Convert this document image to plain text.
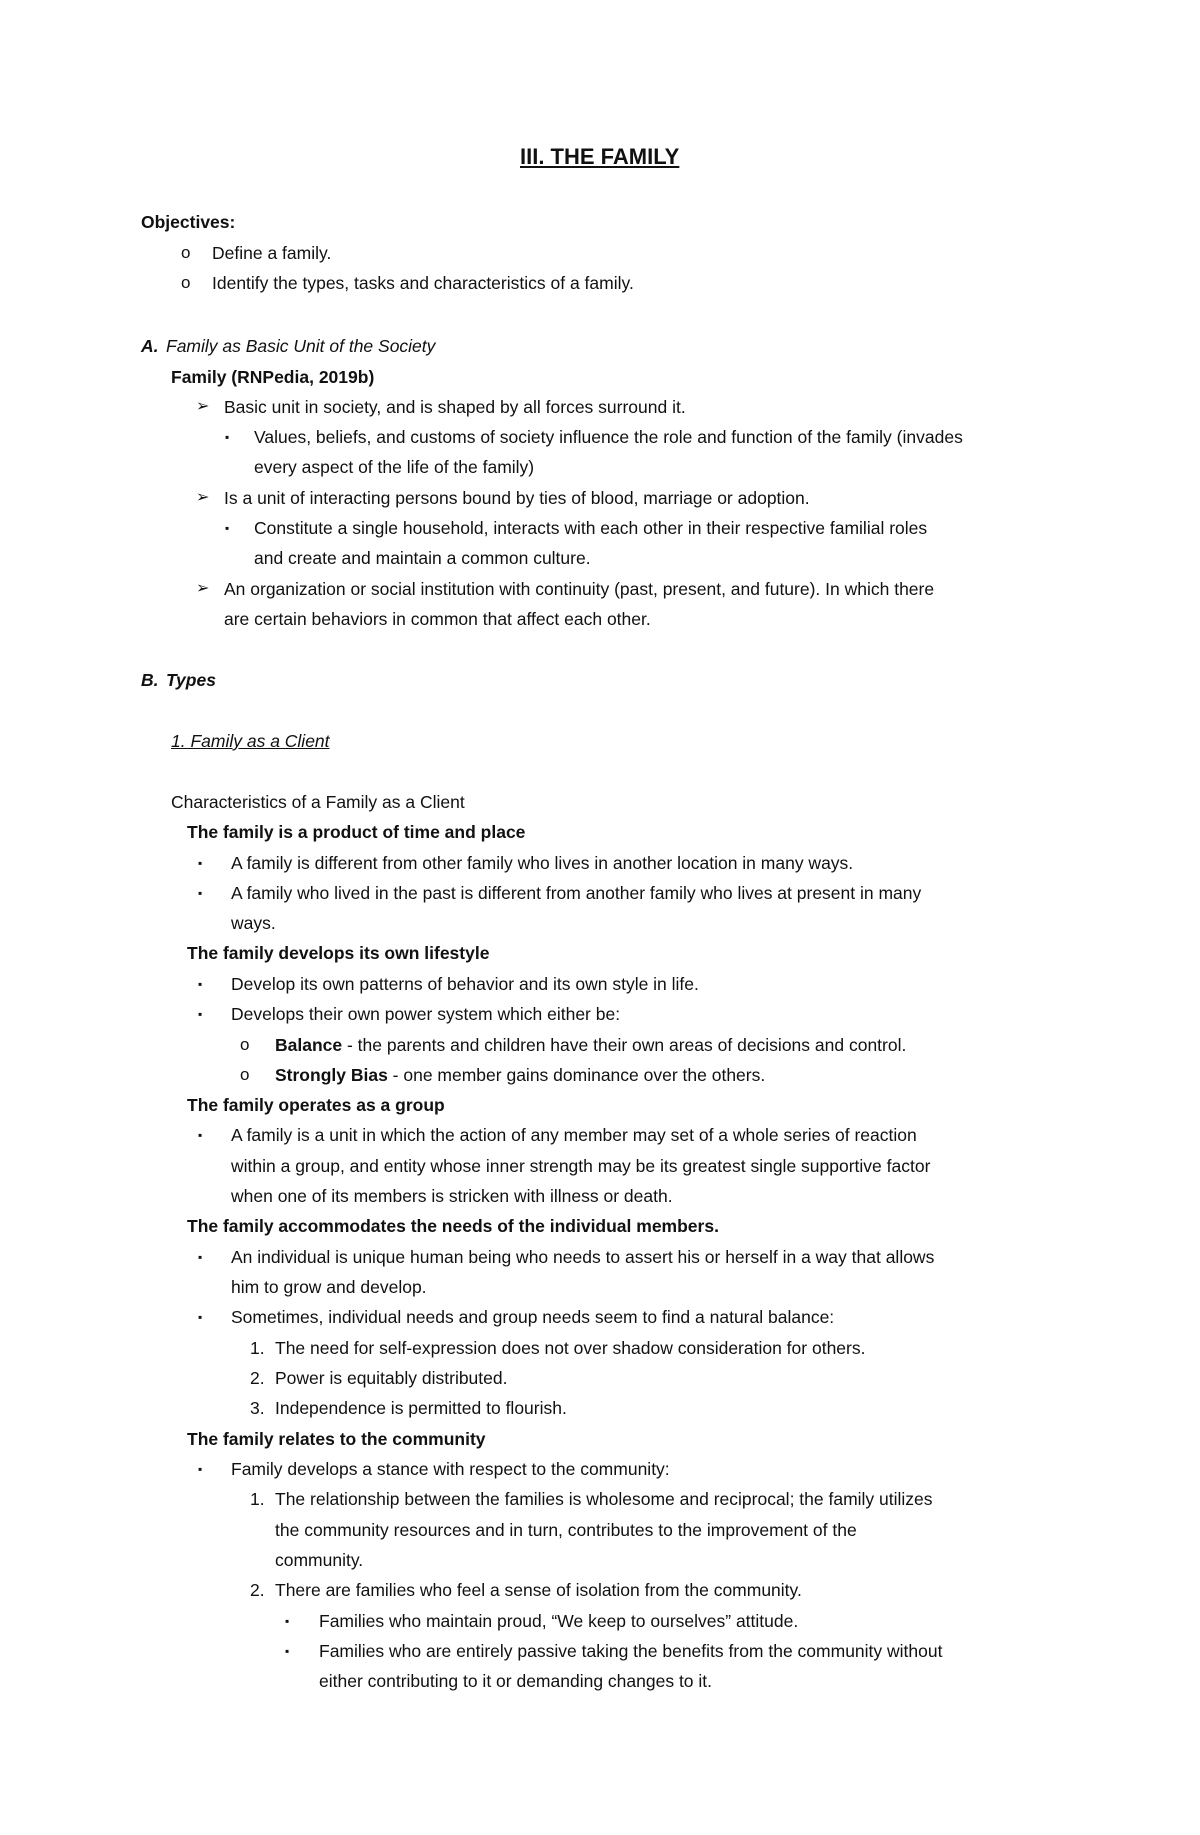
III. THE FAMILY
Objectives:
o Define a family.
o Identify the types, tasks and characteristics of a family.
A. Family as Basic Unit of the Society
Family (RNPedia, 2019b)
➢ Basic unit in society, and is shaped by all forces surround it.
▪ Values, beliefs, and customs of society influence the role and function of the family (invades
every aspect of the life of the family)
➢ Is a unit of interacting persons bound by ties of blood, marriage or adoption.
▪ Constitute a single household, interacts with each other in their respective familial roles
and create and maintain a common culture.
➢ An organization or social institution with continuity (past, present, and future). In which there
are certain behaviors in common that affect each other.
B. Types
1. Family as a Client
Characteristics of a Family as a Client
The family is a product of time and place
▪ A family is different from other family who lives in another location in many ways.
▪ A family who lived in the past is different from another family who lives at present in many
ways.
The family develops its own lifestyle
▪ Develop its own patterns of behavior and its own style in life.
▪ Develops their own power system which either be:
o Balance - the parents and children have their own areas of decisions and control.
o Strongly Bias - one member gains dominance over the others.
The family operates as a group
▪ A family is a unit in which the action of any member may set of a whole series of reaction
within a group, and entity whose inner strength may be its greatest single supportive factor
when one of its members is stricken with illness or death.
The family accommodates the needs of the individual members.
▪ An individual is unique human being who needs to assert his or herself in a way that allows
him to grow and develop.
▪ Sometimes, individual needs and group needs seem to find a natural balance:
1. The need for self-expression does not over shadow consideration for others.
2. Power is equitably distributed.
3. Independence is permitted to flourish.
The family relates to the community
▪ Family develops a stance with respect to the community:
1. The relationship between the families is wholesome and reciprocal; the family utilizes
the community resources and in turn, contributes to the improvement of the
community.
2. There are families who feel a sense of isolation from the community.
▪ Families who maintain proud, “We keep to ourselves” attitude.
▪ Families who are entirely passive taking the benefits from the community without
either contributing to it or demanding changes to it.
